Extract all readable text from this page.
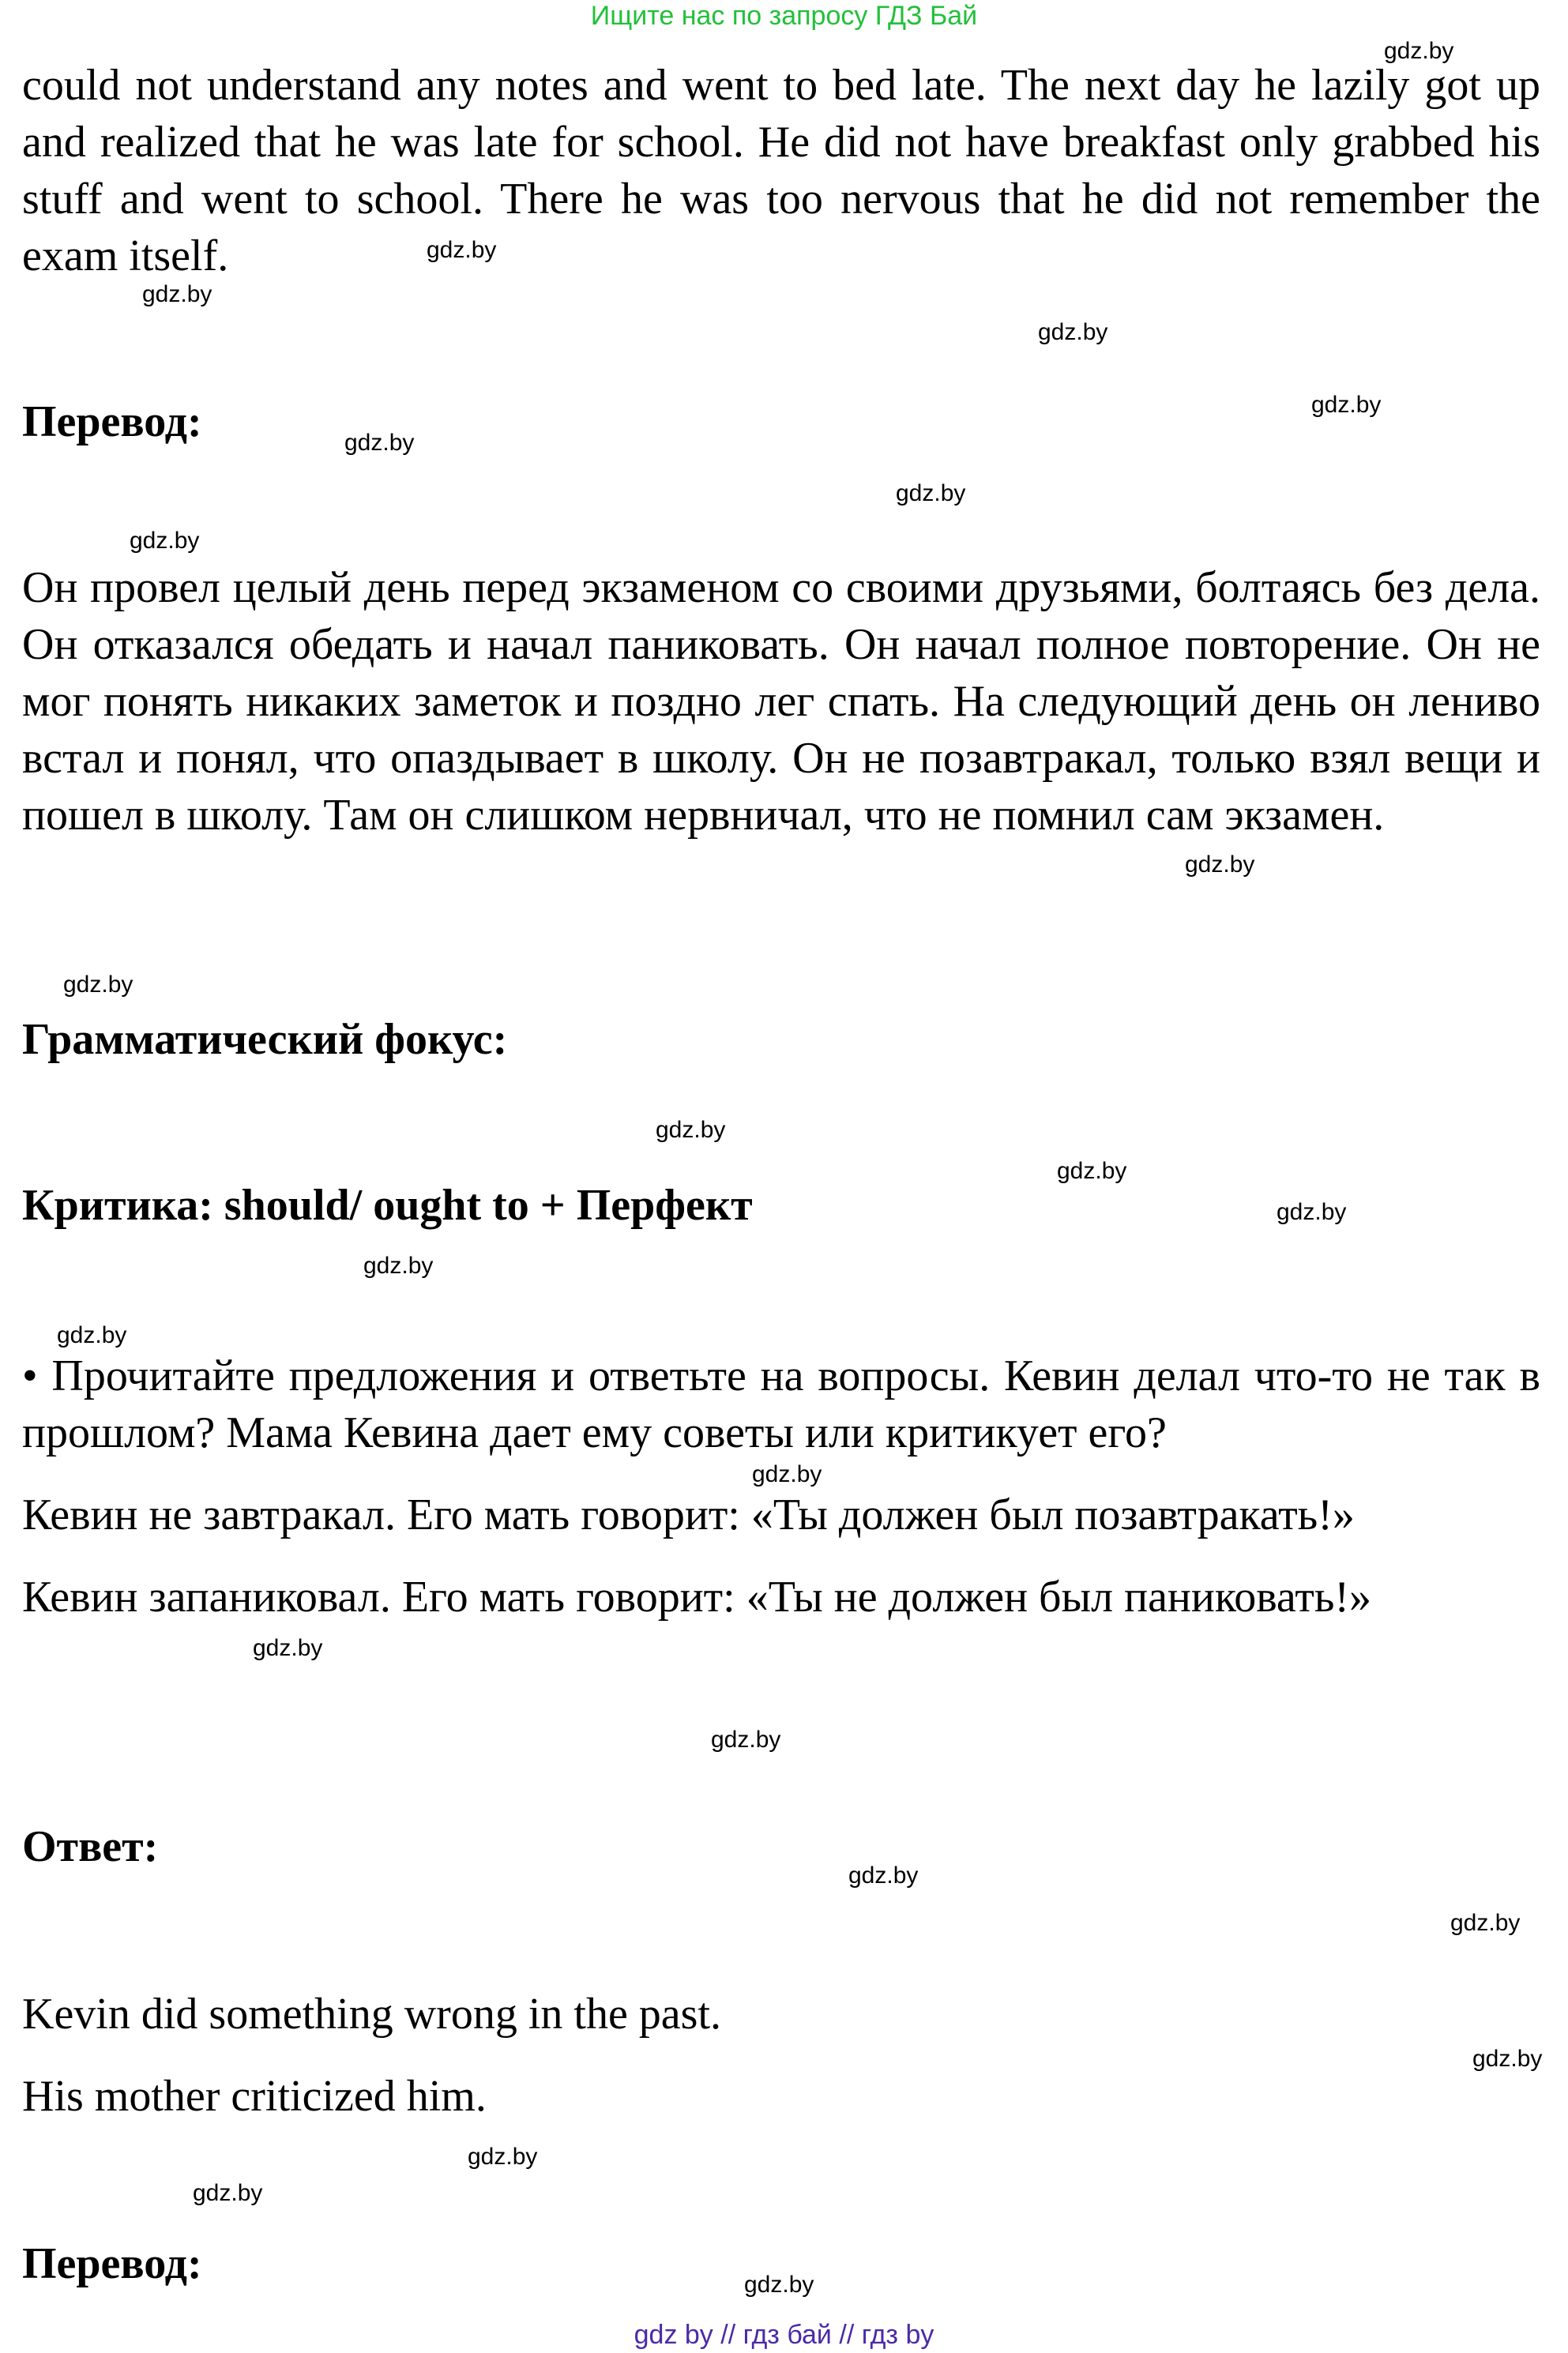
Ищите нас по запросу ГДЗ Бай

could not understand any notes and went to bed late. The next day he lazily got up and realized that he was late for school. He did not have breakfast only grabbed his stuff and went to school. There he was too nervous that he did not remember the exam itself.

Перевод:

Он провел целый день перед экзаменом со своими друзьями, болтаясь без дела. Он отказался обедать и начал паниковать. Он начал полное повторение. Он не мог понять никаких заметок и поздно лег спать. На следующий день он лениво встал и понял, что опаздывает в школу. Он не позавтракал, только взял вещи и пошел в школу. Там он слишком нервничал, что не помнил сам экзамен.

Грамматический фокус:
Критика: should/ ought to + Перфект

• Прочитайте предложения и ответьте на вопросы. Кевин делал что-то не так в прошлом? Мама Кевина дает ему советы или критикует его?

Кевин не завтракал. Его мать говорит: «Ты должен был позавтракать!»
Кевин запаниковал. Его мать говорит: «Ты не должен был паниковать!»
Ответ:
Kevin did something wrong in the past.
His mother criticized him.
Перевод:
gdz.by
gdz.by
gdz.by
gdz.by
gdz.by
gdz.by
gdz.by
gdz.by
gdz.by
gdz.by
gdz.by
gdz.by
gdz.by
gdz.by
gdz.by
gdz.by
gdz.by
gdz.by
gdz.by
gdz.by
gdz.by
gdz.by
gdz.by
gdz.by
gdz by // гдз бай // гдз by
